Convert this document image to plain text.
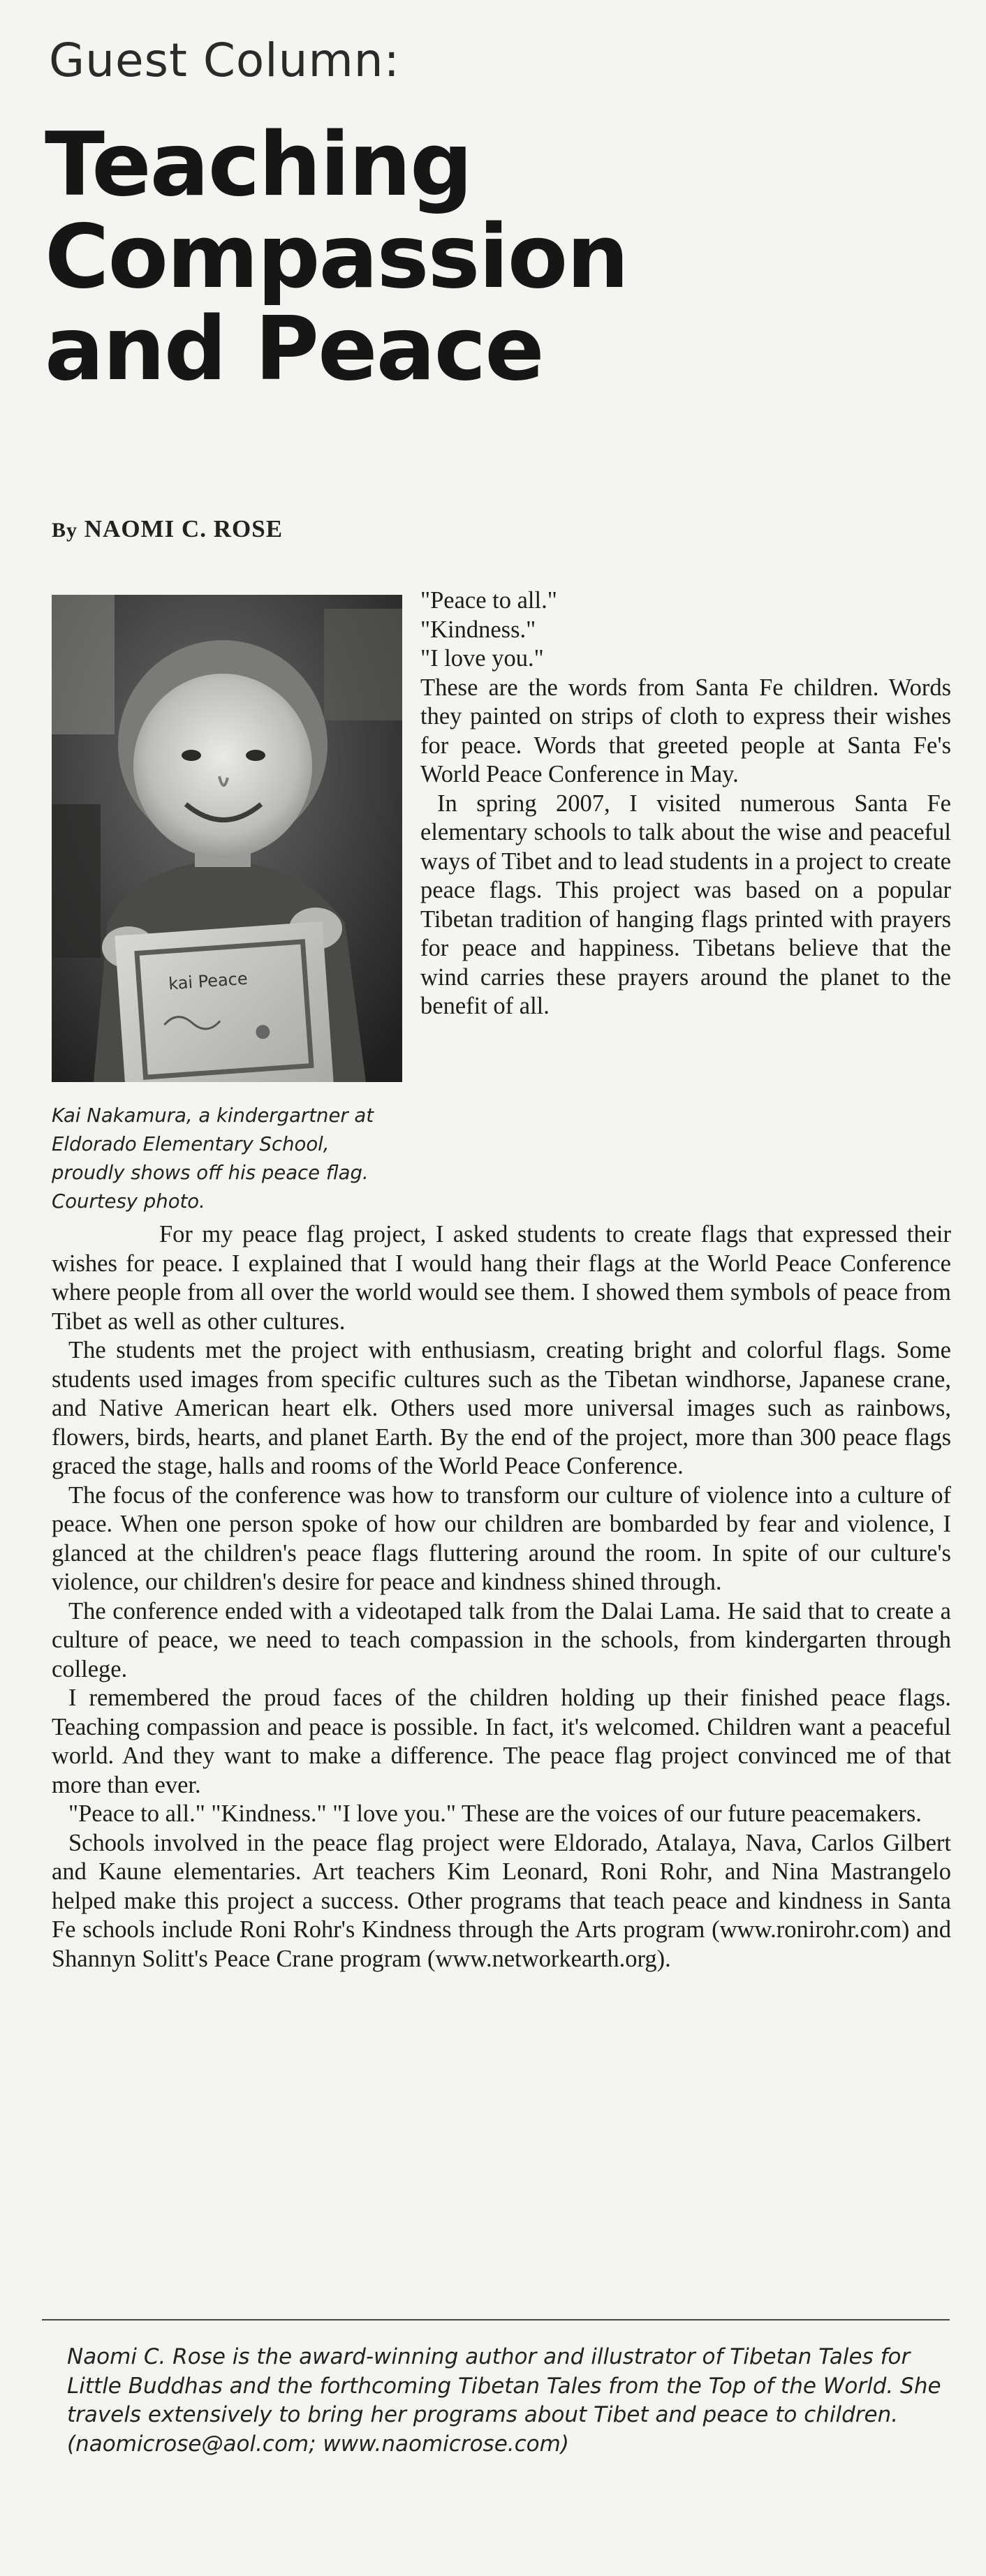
Guest Column:
Teaching Compassion and Peace
By NAOMI C. ROSE
kai Peace
Kai Nakamura, a kindergartner at Eldorado Elementary School, proudly shows off his peace flag. Courtesy photo.

"Peace to all."

"Kindness."

"I love you."

These are the words from Santa Fe children. Words they painted on strips of cloth to express their wishes for peace. Words that greeted people at Santa Fe's World Peace Conference in May.

In spring 2007, I visited numerous Santa Fe elementary schools to talk about the wise and peaceful ways of Tibet and to lead students in a project to create peace flags. This project was based on a popular Tibetan tradition of hanging flags printed with prayers for peace and happiness. Tibetans believe that the wind carries these prayers around the planet to the benefit of all.

For my peace flag project, I asked students to create flags that expressed their wishes for peace. I explained that I would hang their flags at the World Peace Conference where people from all over the world would see them. I showed them symbols of peace from Tibet as well as other cultures.

The students met the project with enthusiasm, creating bright and colorful flags. Some students used images from specific cultures such as the Tibetan windhorse, Japanese crane, and Native American heart elk. Others used more universal images such as rainbows, flowers, birds, hearts, and planet Earth. By the end of the project, more than 300 peace flags graced the stage, halls and rooms of the World Peace Conference.

The focus of the conference was how to transform our culture of violence into a culture of peace. When one person spoke of how our children are bombarded by fear and violence, I glanced at the children's peace flags fluttering around the room. In spite of our culture's violence, our children's desire for peace and kindness shined through.

The conference ended with a videotaped talk from the Dalai Lama. He said that to create a culture of peace, we need to teach compassion in the schools, from kindergarten through college.

I remembered the proud faces of the children holding up their finished peace flags. Teaching compassion and peace is possible. In fact, it's welcomed. Children want a peaceful world. And they want to make a difference. The peace flag project convinced me of that more than ever.

"Peace to all." "Kindness." "I love you." These are the voices of our future peacemakers.

Schools involved in the peace flag project were Eldorado, Atalaya, Nava, Carlos Gilbert and Kaune elementaries. Art teachers Kim Leonard, Roni Rohr, and Nina Mastrangelo helped make this project a success. Other programs that teach peace and kindness in Santa Fe schools include Roni Rohr's Kindness through the Arts program (www.ronirohr.com) and Shannyn Solitt's Peace Crane program (www.networkearth.org).

Naomi C. Rose is the award-winning author and illustrator of Tibetan Tales for Little Buddhas and the forthcoming Tibetan Tales from the Top of the World. She travels extensively to bring her programs about Tibet and peace to children. (naomicrose@aol.com; www.naomicrose.com)
